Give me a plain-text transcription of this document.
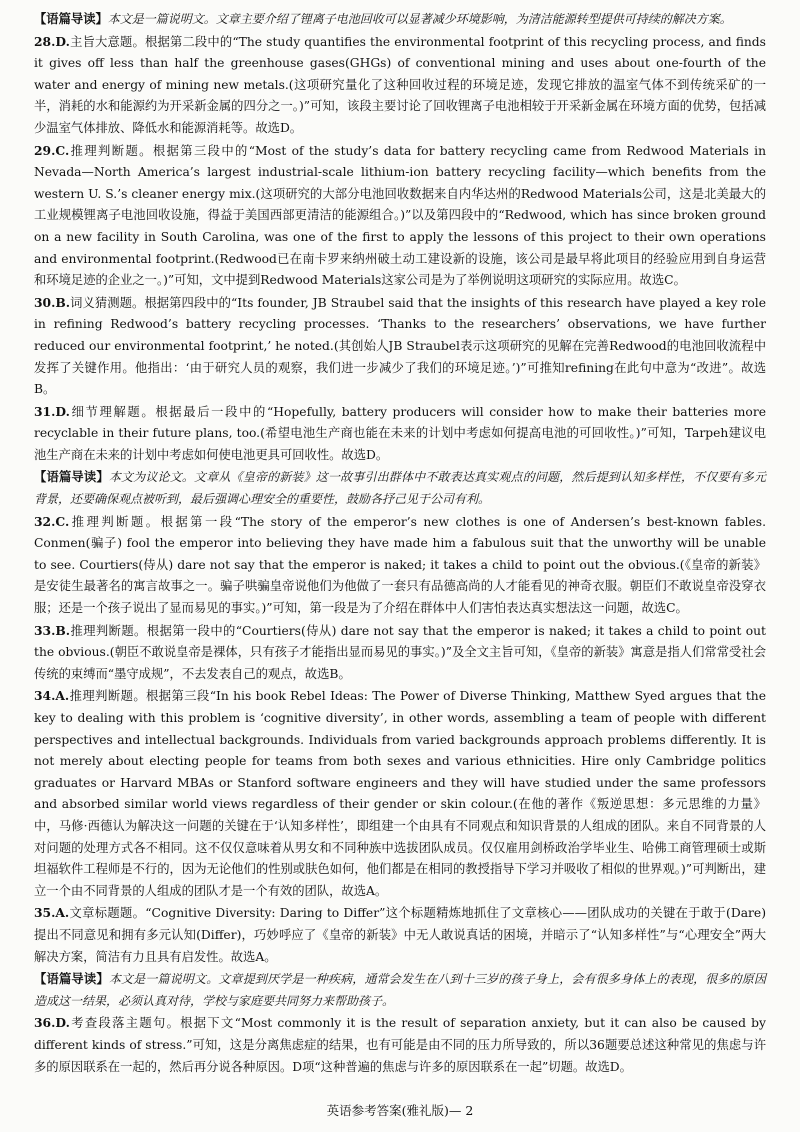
【语篇导读】本文是一篇说明文。文章主要介绍了锂离子电池回收可以显著减少环境影响，为清洁能源转型提供可持续的解决方案。

28.D.主旨大意题。根据第二段中的“The study quantifies the environmental footprint of this recycling process, and finds it gives off less than half the greenhouse gases(GHGs) of conventional mining and uses about one-fourth of the water and energy of mining new metals.(这项研究量化了这种回收过程的环境足迹，发现它排放的温室气体不到传统采矿的一半，消耗的水和能源约为开采新金属的四分之一。)”可知，该段主要讨论了回收锂离子电池相较于开采新金属在环境方面的优势，包括减少温室气体排放、降低水和能源消耗等。故选D。

29.C.推理判断题。根据第三段中的“Most of the study’s data for battery recycling came from Redwood Materials in Nevada—North America’s largest industrial-scale lithium-ion battery recycling facility—which benefits from the western U. S.’s cleaner energy mix.(这项研究的大部分电池回收数据来自内华达州的Redwood Materials公司，这是北美最大的工业规模锂离子电池回收设施，得益于美国西部更清洁的能源组合。)”以及第四段中的“Redwood, which has since broken ground on a new facility in South Carolina, was one of the first to apply the lessons of this project to their own operations and environmental footprint.(Redwood已在南卡罗来纳州破土动工建设新的设施，该公司是最早将此项目的经验应用到自身运营和环境足迹的企业之一。)”可知，文中提到Redwood Materials这家公司是为了举例说明这项研究的实际应用。故选C。

30.B.词义猜测题。根据第四段中的“Its founder, JB Straubel said that the insights of this research have played a key role in refining Redwood’s battery recycling processes. ‘Thanks to the researchers’ observations, we have further reduced our environmental footprint,’ he noted.(其创始人JB Straubel表示这项研究的见解在完善Redwood的电池回收流程中发挥了关键作用。他指出：‘由于研究人员的观察，我们进一步减少了我们的环境足迹。’)”可推知refining在此句中意为“改进”。故选B。

31.D.细节理解题。根据最后一段中的“Hopefully, battery producers will consider how to make their batteries more recyclable in their future plans, too.(希望电池生产商也能在未来的计划中考虑如何提高电池的可回收性。)”可知，Tarpeh建议电池生产商在未来的计划中考虑如何使电池更具可回收性。故选D。

【语篇导读】本文为议论文。文章从《皇帝的新装》这一故事引出群体中不敢表达真实观点的问题，然后提到认知多样性，不仅要有多元背景，还要确保观点被听到，最后强调心理安全的重要性，鼓励各抒己见于公司有利。

32.C.推理判断题。根据第一段“The story of the emperor’s new clothes is one of Andersen’s best-known fables. Conmen(骗子) fool the emperor into believing they have made him a fabulous suit that the unworthy will be unable to see. Courtiers(侍从) dare not say that the emperor is naked; it takes a child to point out the obvious.(《皇帝的新装》是安徒生最著名的寓言故事之一。骗子哄骗皇帝说他们为他做了一套只有品德高尚的人才能看见的神奇衣服。朝臣们不敢说皇帝没穿衣服；还是一个孩子说出了显而易见的事实。)”可知，第一段是为了介绍在群体中人们害怕表达真实想法这一问题，故选C。

33.B.推理判断题。根据第一段中的“Courtiers(侍从) dare not say that the emperor is naked; it takes a child to point out the obvious.(朝臣不敢说皇帝是裸体，只有孩子才能指出显而易见的事实。)”及全文主旨可知，《皇帝的新装》寓意是指人们常常受社会传统的束缚而“墨守成规”，不去发表自己的观点，故选B。

34.A.推理判断题。根据第三段“In his book Rebel Ideas: The Power of Diverse Thinking, Matthew Syed argues that the key to dealing with this problem is ‘cognitive diversity’, in other words, assembling a team of people with different perspectives and intellectual backgrounds. Individuals from varied backgrounds approach problems differently. It is not merely about electing people for teams from both sexes and various ethnicities. Hire only Cambridge politics graduates or Harvard MBAs or Stanford software engineers and they will have studied under the same professors and absorbed similar world views regardless of their gender or skin colour.(在他的著作《叛逆思想：多元思维的力量》中，马修·西德认为解决这一问题的关键在于‘认知多样性’，即组建一个由具有不同观点和知识背景的人组成的团队。来自不同背景的人对问题的处理方式各不相同。这不仅仅意味着从男女和不同种族中选拔团队成员。仅仅雇用剑桥政治学毕业生、哈佛工商管理硕士或斯坦福软件工程师是不行的，因为无论他们的性别或肤色如何，他们都是在相同的教授指导下学习并吸收了相似的世界观。)”可判断出，建立一个由不同背景的人组成的团队才是一个有效的团队，故选A。

35.A.文章标题题。“Cognitive Diversity: Daring to Differ”这个标题精炼地抓住了文章核心——团队成功的关键在于敢于(Dare)提出不同意见和拥有多元认知(Differ)，巧妙呼应了《皇帝的新装》中无人敢说真话的困境，并暗示了“认知多样性”与“心理安全”两大解决方案，简洁有力且具有启发性。故选A。

【语篇导读】本文是一篇说明文。文章提到厌学是一种疾病，通常会发生在八到十三岁的孩子身上，会有很多身体上的表现，很多的原因造成这一结果，必须认真对待，学校与家庭要共同努力来帮助孩子。

36.D.考查段落主题句。根据下文“Most commonly it is the result of separation anxiety, but it can also be caused by different kinds of stress.”可知，这是分离焦虑症的结果，也有可能是由不同的压力所导致的，所以36题要总述这种常见的焦虑与许多的原因联系在一起的，然后再分说各种原因。D项“这种普遍的焦虑与许多的原因联系在一起”切题。故选D。

英语参考答案(雅礼版)— 2
